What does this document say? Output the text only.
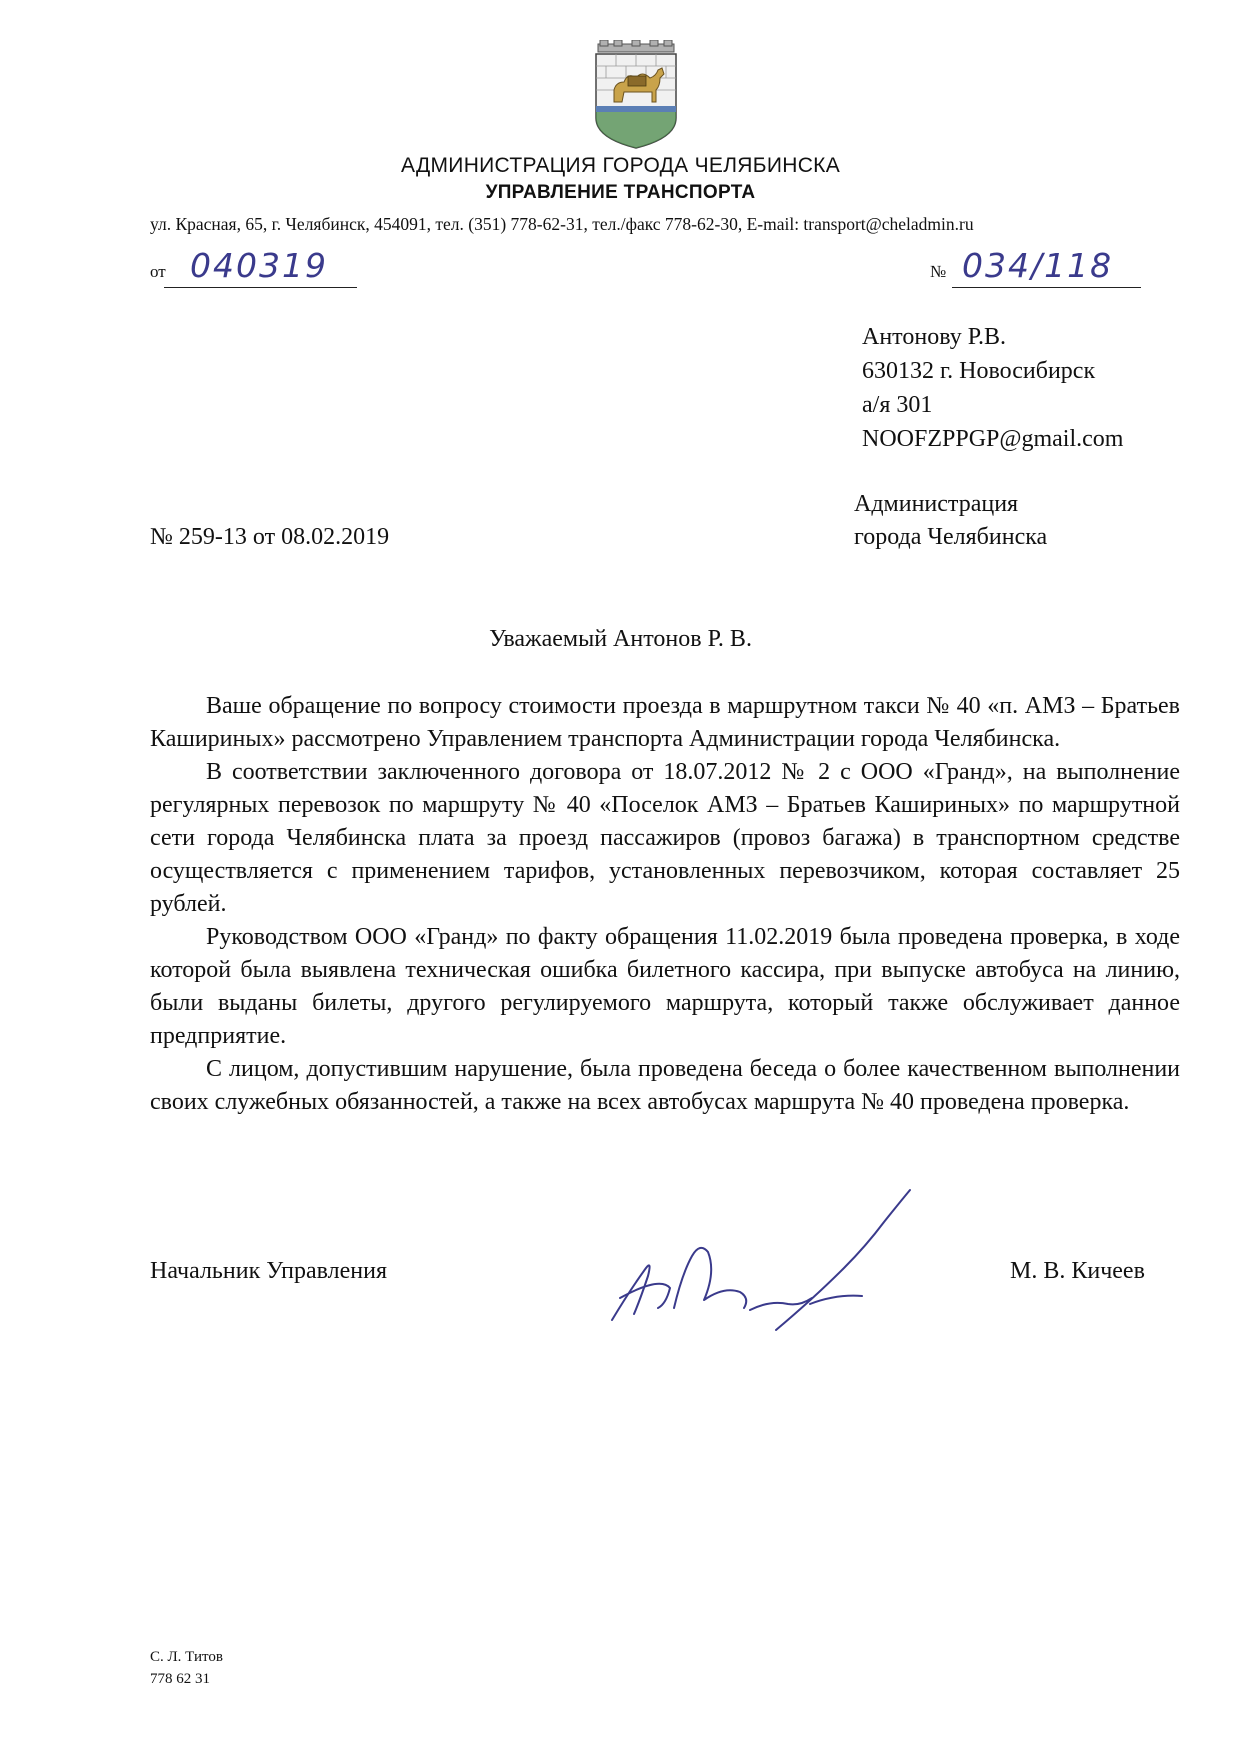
АДМИНИСТРАЦИЯ ГОРОДА ЧЕЛЯБИНСКА
УПРАВЛЕНИЕ ТРАНСПОРТА
ул. Красная, 65, г. Челябинск, 454091, тел. (351) 778-62-31, тел./факс 778-62-30, E-mail: transport@cheladmin.ru
от 040319	№ 034/118
Антонову Р.В.
630132 г. Новосибирск
а/я 301
NOOFZPPGP@gmail.com
Администрация
города Челябинска
№ 259-13 от 08.02.2019
Уважаемый Антонов Р. В.

Ваше обращение по вопросу стоимости проезда в маршрутном такси № 40 «п. АМЗ – Братьев Кашириных» рассмотрено Управлением транспорта Администрации города Челябинска.

В соответствии заключенного договора от 18.07.2012 № 2 с ООО «Гранд», на выполнение регулярных перевозок по маршруту № 40 «Поселок АМЗ – Братьев Кашириных» по маршрутной сети города Челябинска плата за проезд пассажиров (провоз багажа) в транспортном средстве осуществляется с применением тарифов, установленных перевозчиком, которая составляет 25 рублей.

Руководством ООО «Гранд» по факту обращения 11.02.2019 была проведена проверка, в ходе которой была выявлена техническая ошибка билетного кассира, при выпуске автобуса на линию, были выданы билеты, другого регулируемого маршрута, который также обслуживает данное предприятие.

С лицом, допустившим нарушение, была проведена беседа о более качественном выполнении своих служебных обязанностей, а также на всех автобусах маршрута № 40 проведена проверка.

Начальник Управления	М. В. Кичеев
С. Л. Титов
778 62 31
